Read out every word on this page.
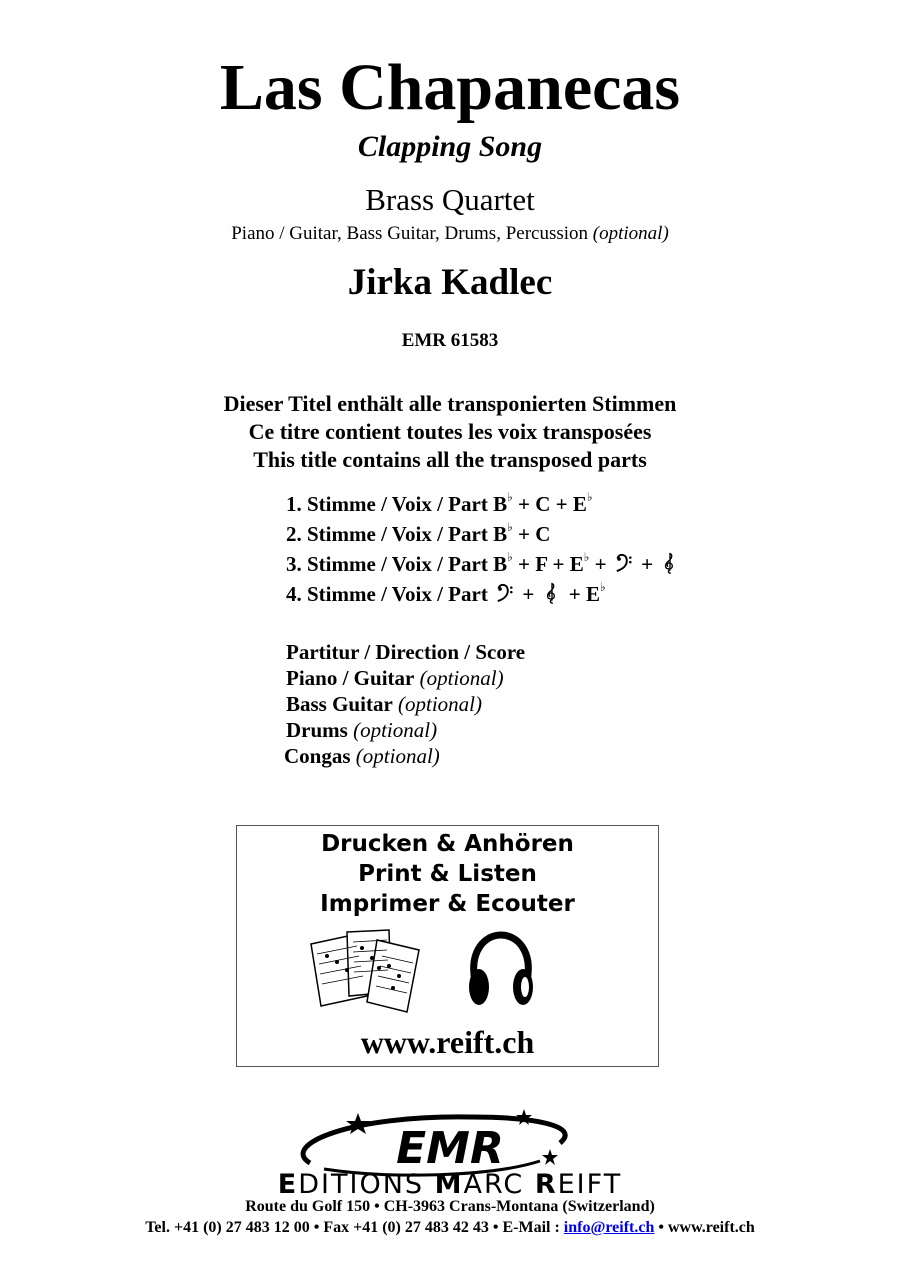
Las Chapanecas
Clapping Song
Brass Quartet
Piano / Guitar, Bass Guitar, Drums, Percussion (optional)
Jirka Kadlec
EMR 61583
Dieser Titel enthält alle transponierten Stimmen
Ce titre contient toutes les voix transposées
This title contains all the transposed parts
1. Stimme / Voix / Part B♭ + C + E♭
2. Stimme / Voix / Part B♭ + C
3. Stimme / Voix / Part B♭ + F + E♭ +
+
4. Stimme / Voix / Part
+
+ E♭
Partitur / Direction / Score
Piano / Guitar (optional)
Bass Guitar (optional)
Drums (optional)
Congas (optional)
Drucken & Anhören
Print & Listen
Imprimer & Ecouter
www.reift.ch
EMR
EDITIONS MARC REIFT
Route du Golf 150 • CH-3963 Crans-Montana (Switzerland)
Tel. +41 (0) 27 483 12 00 • Fax +41 (0) 27 483 42 43 • E-Mail : info@reift.ch • www.reift.ch
